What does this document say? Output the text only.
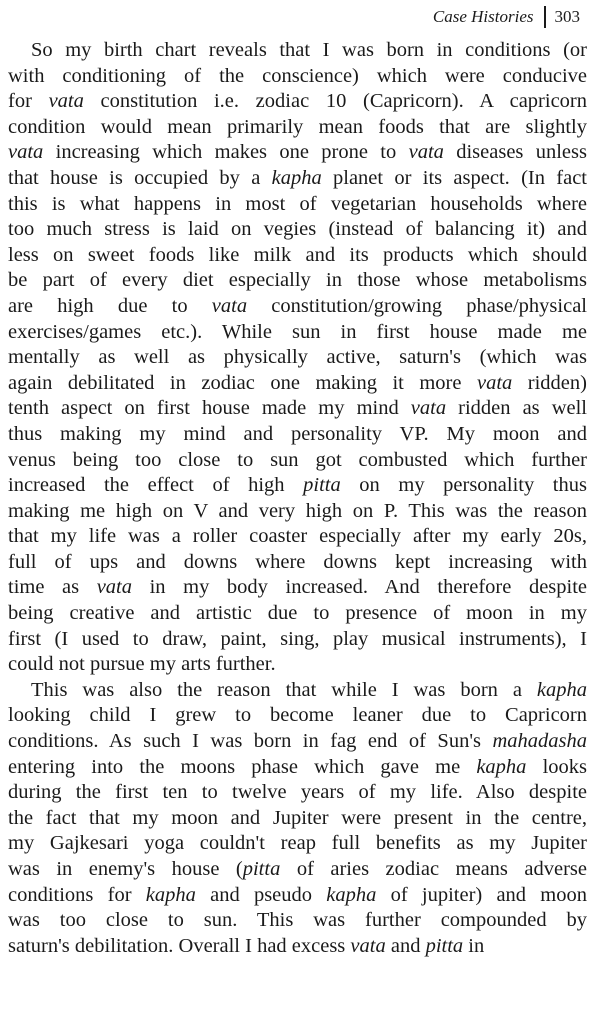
Case Histories 303
So my birth chart reveals that I was born in conditions (or
with conditioning of the conscience) which were conducive
for vata constitution i.e. zodiac 10 (Capricorn). A capricorn
condition would mean primarily mean foods that are slightly
vata increasing which makes one prone to vata diseases unless
that house is occupied by a kapha planet or its aspect. (In fact
this is what happens in most of vegetarian households where
too much stress is laid on vegies (instead of balancing it) and
less on sweet foods like milk and its products which should
be part of every diet especially in those whose metabolisms
are high due to vata constitution/growing phase/physical
exercises/games etc.). While sun in first house made me
mentally as well as physically active, saturn's (which was
again debilitated in zodiac one making it more vata ridden)
tenth aspect on first house made my mind vata ridden as well
thus making my mind and personality VP. My moon and
venus being too close to sun got combusted which further
increased the effect of high pitta on my personality thus
making me high on V and very high on P. This was the reason
that my life was a roller coaster especially after my early 20s,
full of ups and downs where downs kept increasing with
time as vata in my body increased. And therefore despite
being creative and artistic due to presence of moon in my
first (I used to draw, paint, sing, play musical instruments), I
could not pursue my arts further.
This was also the reason that while I was born a kapha
looking child I grew to become leaner due to Capricorn
conditions. As such I was born in fag end of Sun's mahadasha
entering into the moons phase which gave me kapha looks
during the first ten to twelve years of my life. Also despite
the fact that my moon and Jupiter were present in the centre,
my Gajkesari yoga couldn't reap full benefits as my Jupiter
was in enemy's house (pitta of aries zodiac means adverse
conditions for kapha and pseudo kapha of jupiter) and moon
was too close to sun. This was further compounded by
saturn's debilitation. Overall I had excess vata and pitta in
